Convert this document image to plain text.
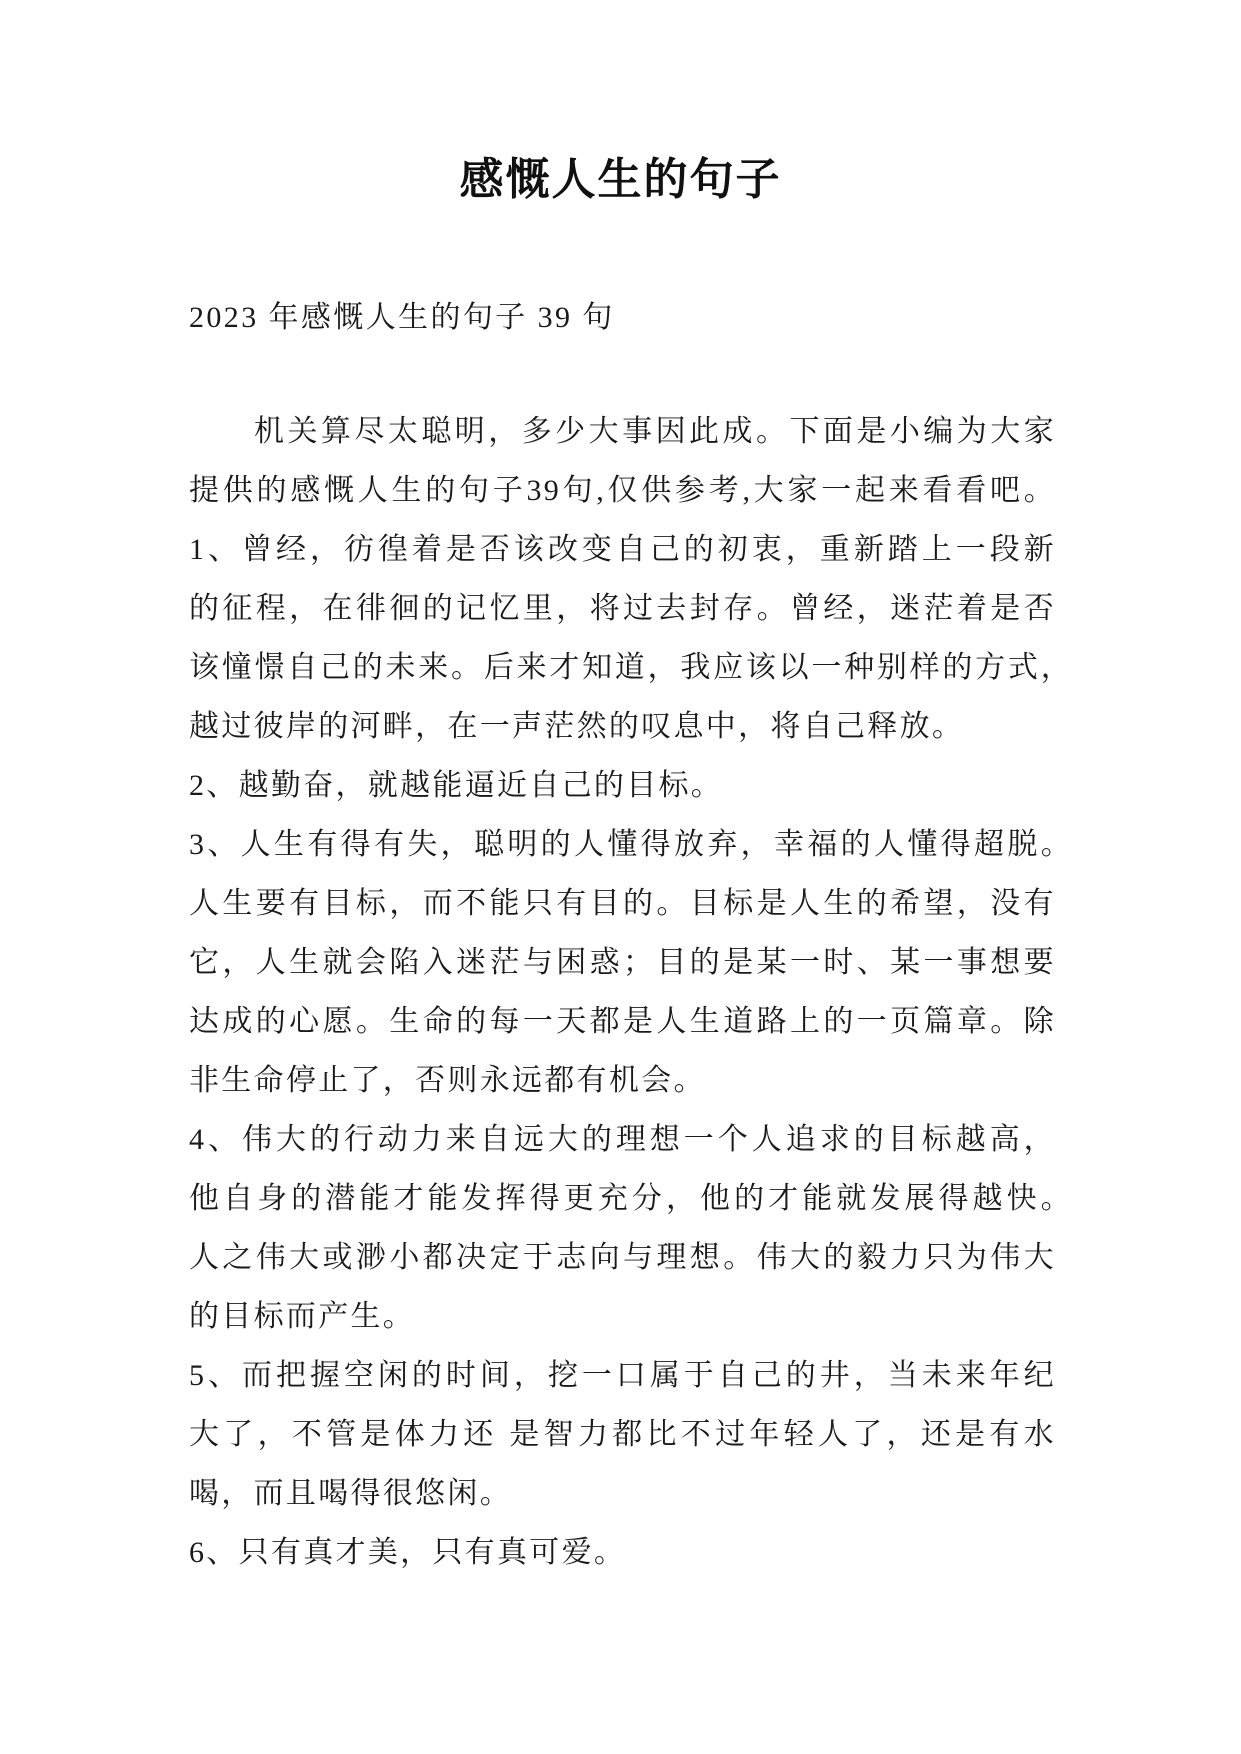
感慨人生的句子
2023 年感慨人生的句子 39 句
机关算尽太聪明，多少大事因此成。下面是小编为大家
提供的感慨人生的句子39句,仅供参考,大家一起来看看吧。
1、曾经，彷徨着是否该改变自己的初衷，重新踏上一段新
的征程，在徘徊的记忆里，将过去封存。曾经，迷茫着是否
该憧憬自己的未来。后来才知道，我应该以一种别样的方式，
越过彼岸的河畔，在一声茫然的叹息中，将自己释放。
2、越勤奋，就越能逼近自己的目标。
3、人生有得有失，聪明的人懂得放弃，幸福的人懂得超脱。
人生要有目标，而不能只有目的。目标是人生的希望，没有
它，人生就会陷入迷茫与困惑；目的是某一时、某一事想要
达成的心愿。生命的每一天都是人生道路上的一页篇章。除
非生命停止了，否则永远都有机会。
4、伟大的行动力来自远大的理想一个人追求的目标越高，
他自身的潜能才能发挥得更充分，他的才能就发展得越快。
人之伟大或渺小都决定于志向与理想。伟大的毅力只为伟大
的目标而产生。
5、而把握空闲的时间，挖一口属于自己的井，当未来年纪
大了，不管是体力还 是智力都比不过年轻人了，还是有水
喝，而且喝得很悠闲。
6、只有真才美，只有真可爱。
